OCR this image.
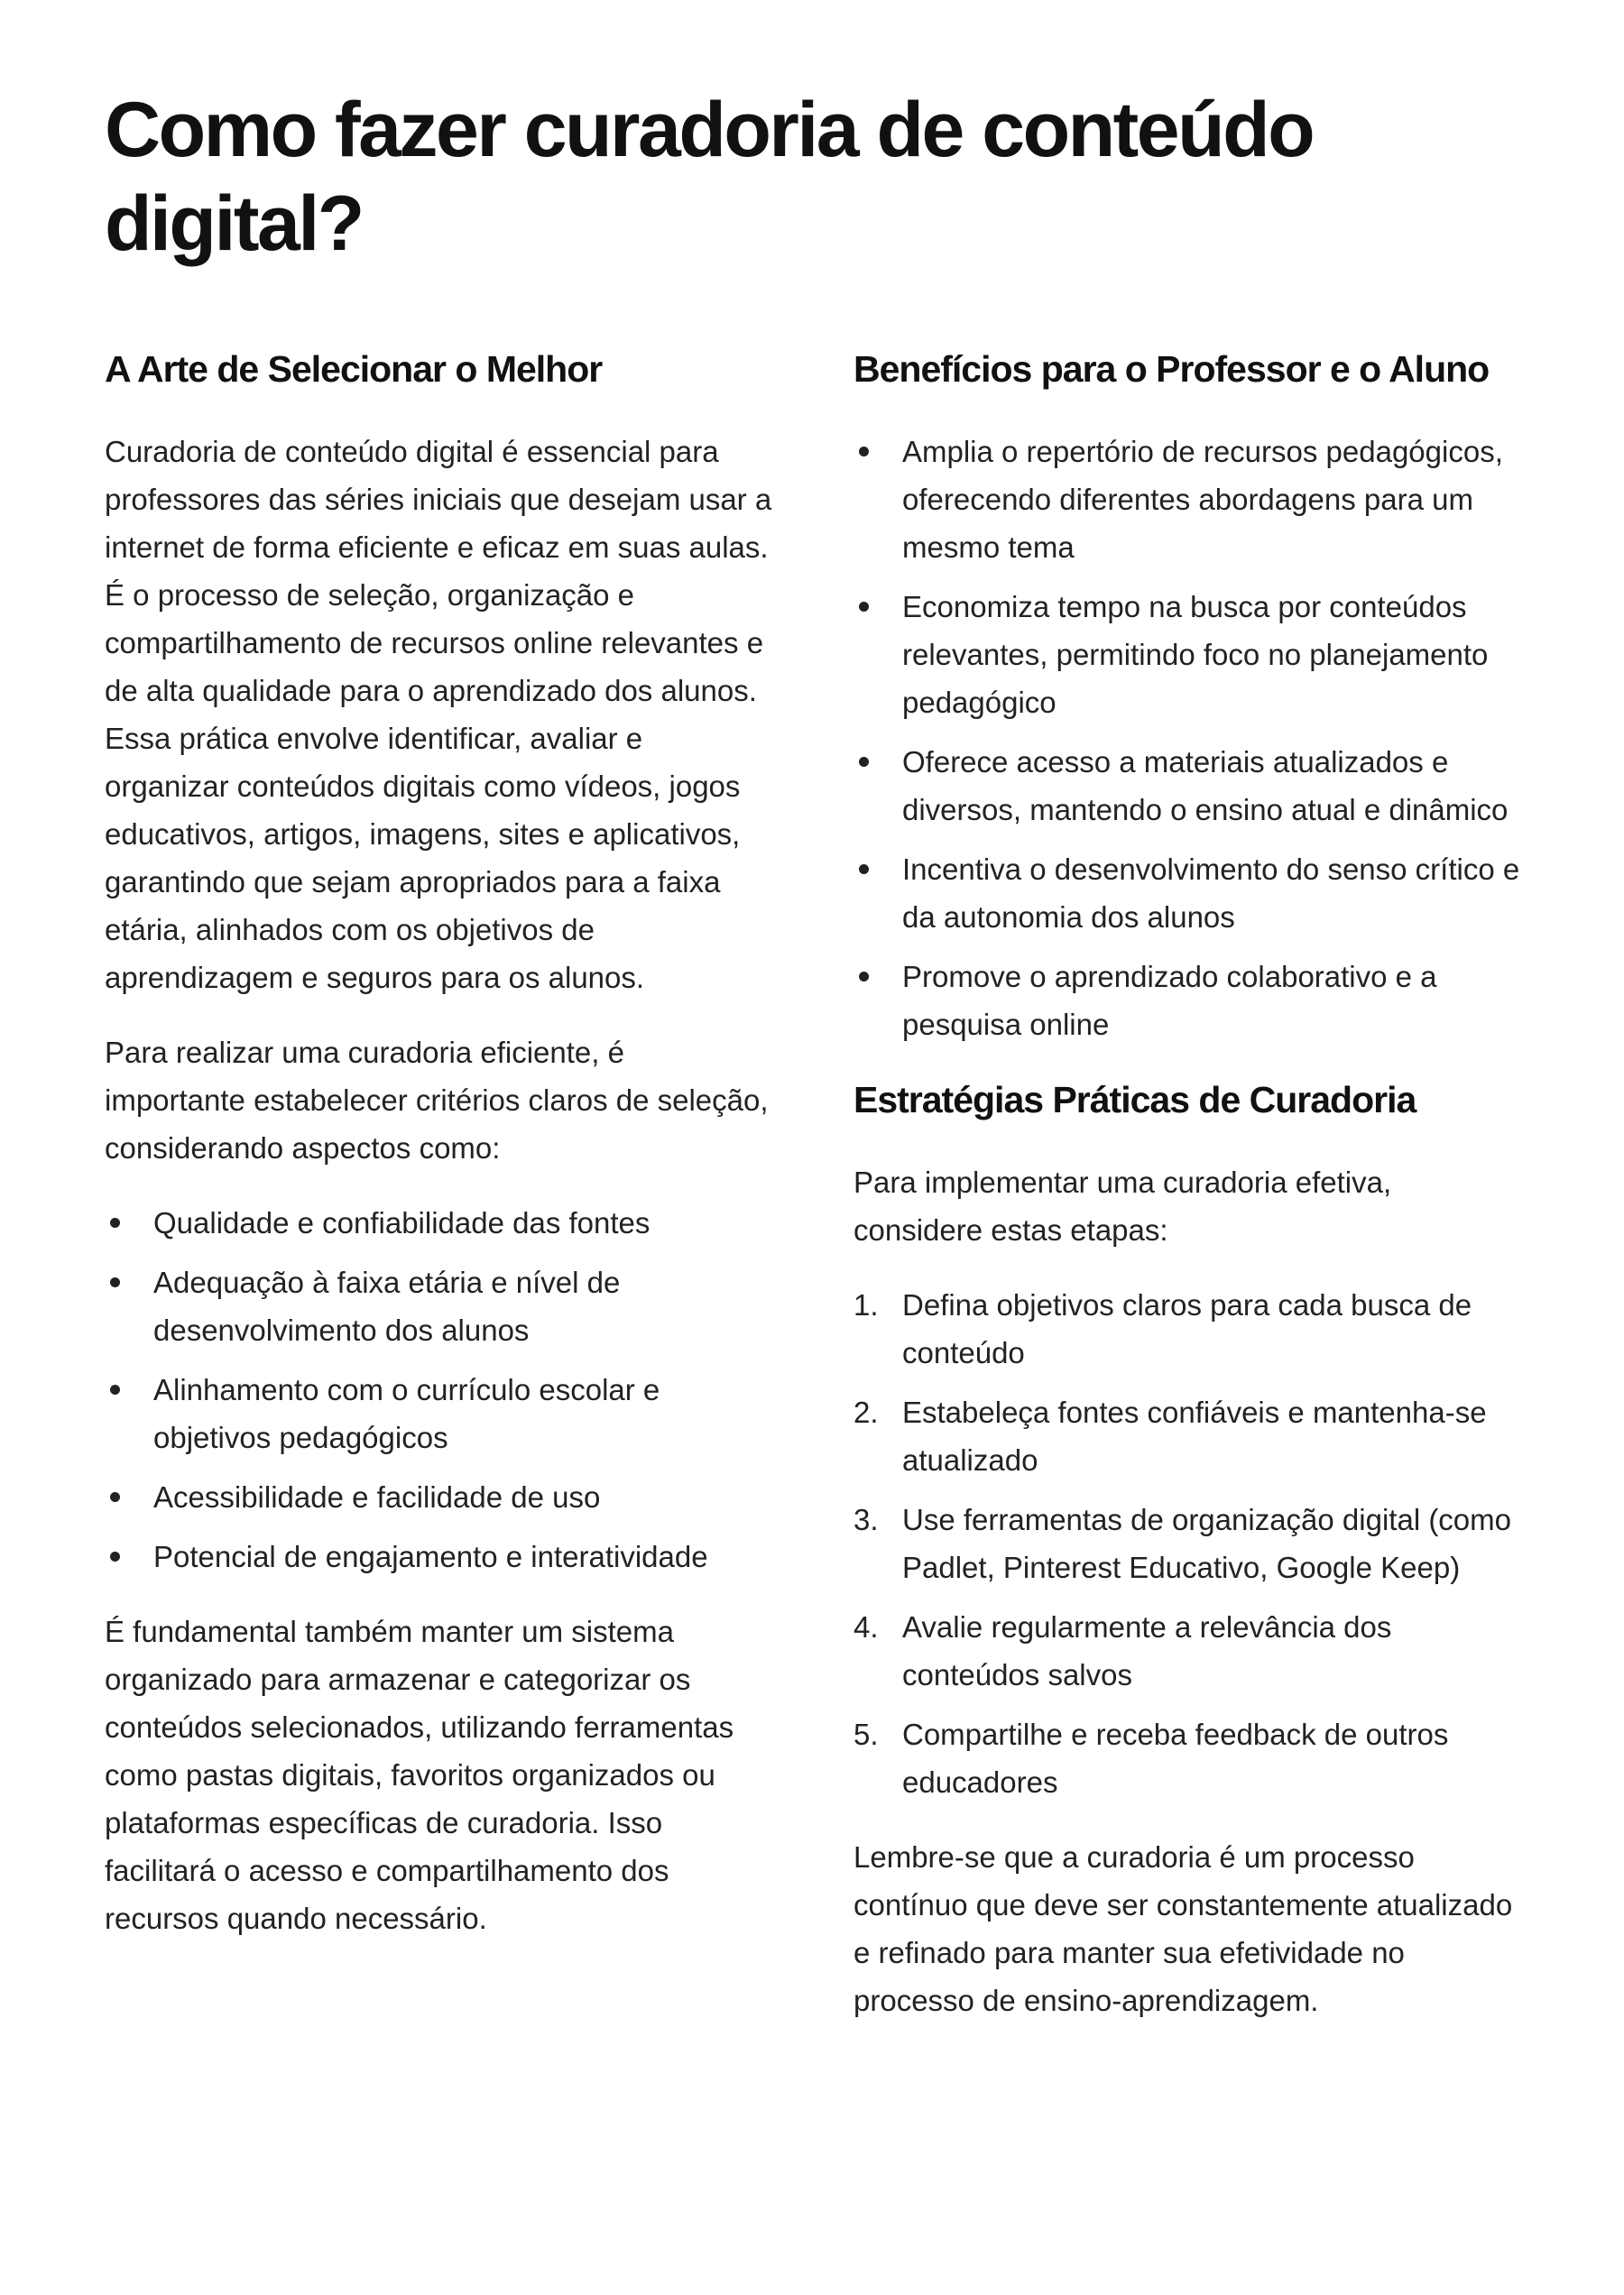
Como fazer curadoria de conteúdo digital?
A Arte de Selecionar o Melhor

Curadoria de conteúdo digital é essencial para professores das séries iniciais que desejam usar a internet de forma eficiente e eficaz em suas aulas. É o processo de seleção, organização e compartilhamento de recursos online relevantes e de alta qualidade para o aprendizado dos alunos. Essa prática envolve identificar, avaliar e organizar conteúdos digitais como vídeos, jogos educativos, artigos, imagens, sites e aplicativos, garantindo que sejam apropriados para a faixa etária, alinhados com os objetivos de aprendizagem e seguros para os alunos.

Para realizar uma curadoria eficiente, é importante estabelecer critérios claros de seleção, considerando aspectos como:

Qualidade e confiabilidade das fontes
Adequação à faixa etária e nível de desenvolvimento dos alunos
Alinhamento com o currículo escolar e objetivos pedagógicos
Acessibilidade e facilidade de uso
Potencial de engajamento e interatividade

É fundamental também manter um sistema organizado para armazenar e categorizar os conteúdos selecionados, utilizando ferramentas como pastas digitais, favoritos organizados ou plataformas específicas de curadoria. Isso facilitará o acesso e compartilhamento dos recursos quando necessário.

Benefícios para o Professor e o Aluno
Amplia o repertório de recursos pedagógicos, oferecendo diferentes abordagens para um mesmo tema
Economiza tempo na busca por conteúdos relevantes, permitindo foco no planejamento pedagógico
Oferece acesso a materiais atualizados e diversos, mantendo o ensino atual e dinâmico
Incentiva o desenvolvimento do senso crítico e da autonomia dos alunos
Promove o aprendizado colaborativo e a pesquisa online
Estratégias Práticas de Curadoria

Para implementar uma curadoria efetiva, considere estas etapas:

1. Defina objetivos claros para cada busca de conteúdo
2. Estabeleça fontes confiáveis e mantenha-se atualizado
3. Use ferramentas de organização digital (como Padlet, Pinterest Educativo, Google Keep)
4. Avalie regularmente a relevância dos conteúdos salvos
5. Compartilhe e receba feedback de outros educadores

Lembre-se que a curadoria é um processo contínuo que deve ser constantemente atualizado e refinado para manter sua efetividade no processo de ensino-aprendizagem.
